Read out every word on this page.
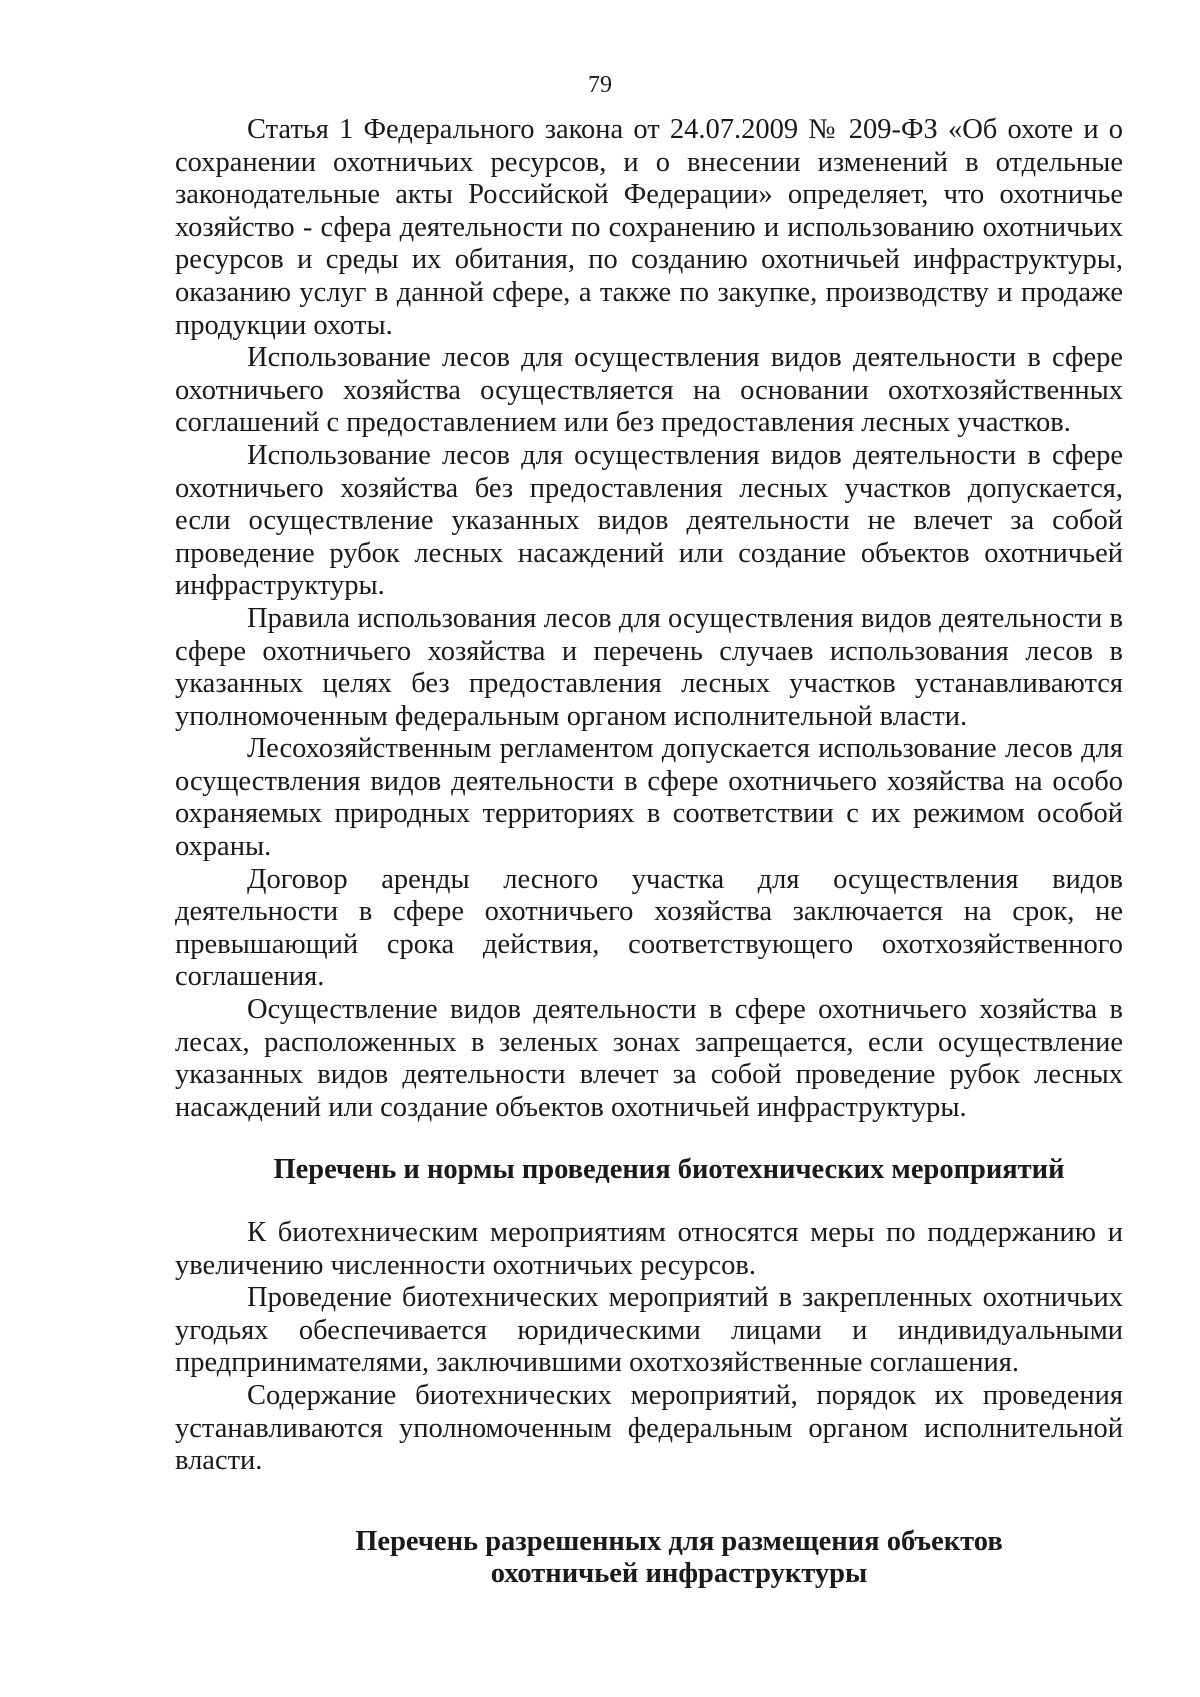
79

Статья 1 Федерального закона от 24.07.2009 № 209-ФЗ «Об охоте и о сохранении охотничьих ресурсов, и о внесении изменений в отдельные законодательные акты Российской Федерации» определяет, что охотничье хозяйство - сфера деятельности по сохранению и использованию охотничьих ресурсов и среды их обитания, по созданию охотничьей инфраструктуры, оказанию услуг в данной сфере, а также по закупке, производству и продаже продукции охоты.

Использование лесов для осуществления видов деятельности в сфере охотничьего хозяйства осуществляется на основании охотхозяйственных соглашений с предоставлением или без предоставления лесных участков.

Использование лесов для осуществления видов деятельности в сфере охотничьего хозяйства без предоставления лесных участков допускается, если осуществление указанных видов деятельности не влечет за собой проведение рубок лесных насаждений или создание объектов охотничьей инфраструктуры.

Правила использования лесов для осуществления видов деятельности в сфере охотничьего хозяйства и перечень случаев использования лесов в указанных целях без предоставления лесных участков устанавливаются уполномоченным федеральным органом исполнительной власти.

Лесохозяйственным регламентом допускается использование лесов для осуществления видов деятельности в сфере охотничьего хозяйства на особо охраняемых природных территориях в соответствии с их режимом особой охраны.

Договор аренды лесного участка для осуществления видов деятельности в сфере охотничьего хозяйства заключается на срок, не превышающий срока действия, соответствующего охотхозяйственного соглашения.

Осуществление видов деятельности в сфере охотничьего хозяйства в лесах, расположенных в зеленых зонах запрещается, если осуществление указанных видов деятельности влечет за собой проведение рубок лесных насаждений или создание объектов охотничьей инфраструктуры.

Перечень и нормы проведения биотехнических мероприятий

К биотехническим мероприятиям относятся меры по поддержанию и увеличению численности охотничьих ресурсов.

Проведение биотехнических мероприятий в закрепленных охотничьих угодьях обеспечивается юридическими лицами и индивидуальными предпринимателями, заключившими охотхозяйственные соглашения.

Содержание биотехнических мероприятий, порядок их проведения устанавливаются уполномоченным федеральным органом исполнительной власти.

Перечень разрешенных для размещения объектов
охотничьей инфраструктуры
